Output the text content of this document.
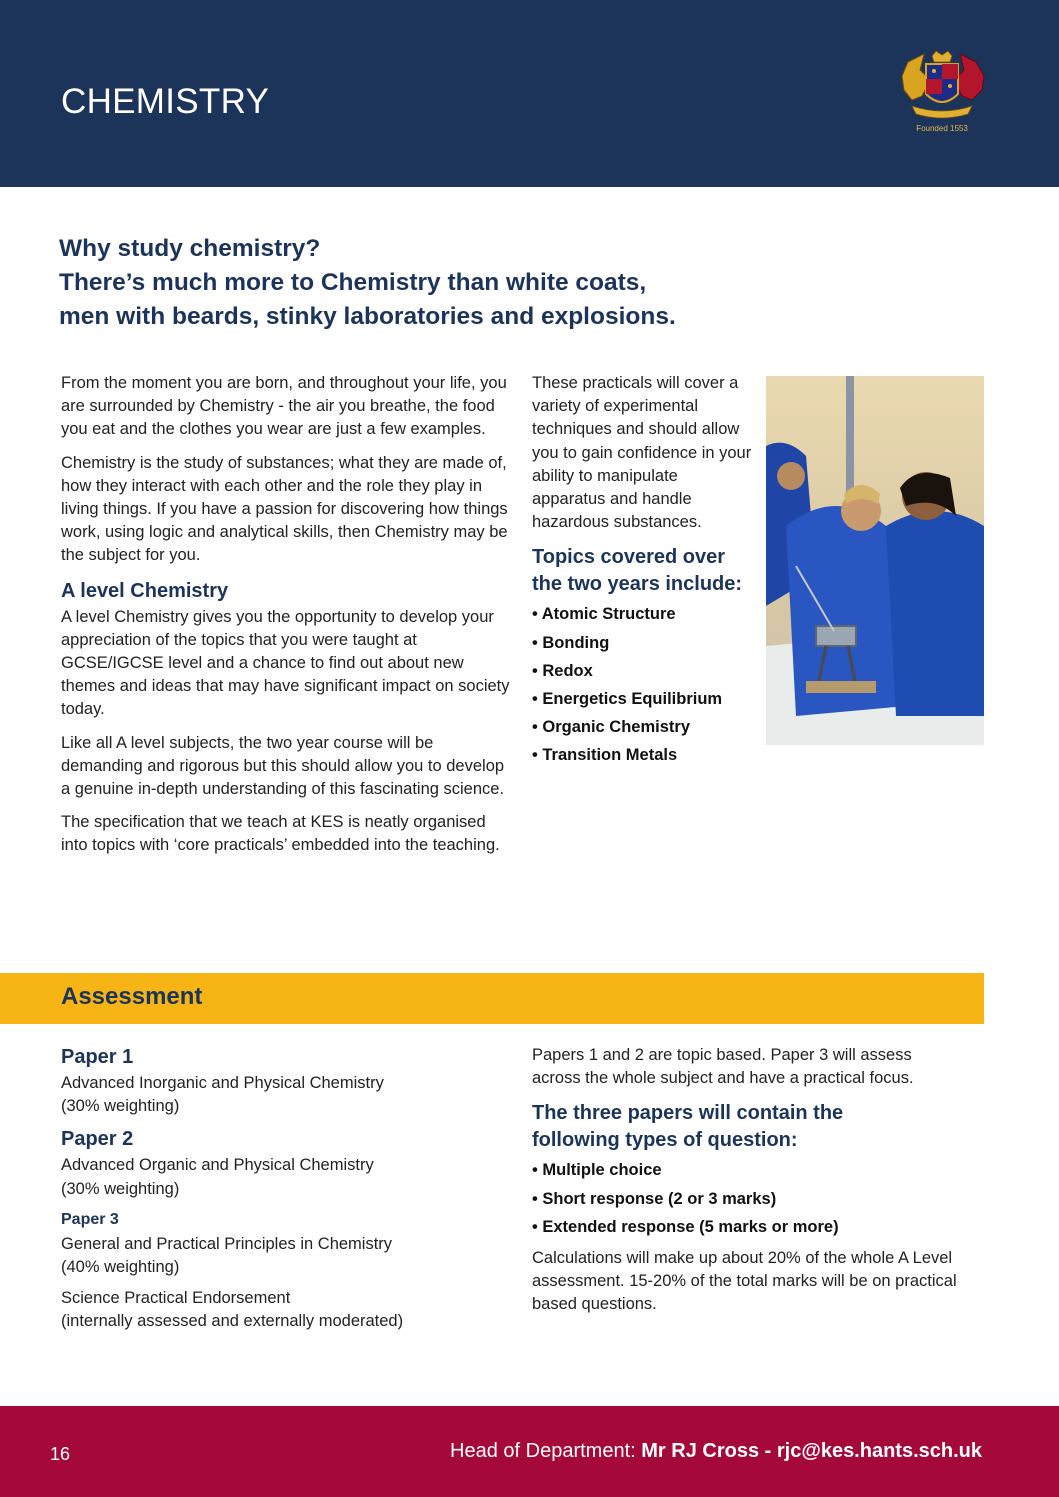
CHEMISTRY
Founded 1553
Why study chemistry?
There’s much more to Chemistry than white coats,
men with beards, stinky laboratories and explosions.

From the moment you are born, and throughout your life, you are surrounded by Chemistry - the air you breathe, the food you eat and the clothes you wear are just a few examples.

Chemistry is the study of substances; what they are made of, how they interact with each other and the role they play in living things. If you have a passion for discovering how things work, using logic and analytical skills, then Chemistry may be the subject for you.

A level Chemistry

A level Chemistry gives you the opportunity to develop your appreciation of the topics that you were taught at GCSE/IGCSE level and a chance to find out about new themes and ideas that may have significant impact on society today.

Like all A level subjects, the two year course will be demanding and rigorous but this should allow you to develop a genuine in-depth understanding of this fascinating science.

The specification that we teach at KES is neatly organised into topics with ‘core practicals’ embedded into the teaching.

These practicals will cover a variety of experimental techniques and should allow you to gain confidence in your ability to manipulate apparatus and handle hazardous substances.

Topics covered over
the two years include:
• Atomic Structure
• Bonding
• Redox
• Energetics Equilibrium
• Organic Chemistry
• Transition Metals
Assessment
Paper 1

Advanced Inorganic and Physical Chemistry
(30% weighting)

Paper 2

Advanced Organic and Physical Chemistry
(30% weighting)

Paper 3

General and Practical Principles in Chemistry
(40% weighting)

Science Practical Endorsement
(internally assessed and externally moderated)

Papers 1 and 2 are topic based. Paper 3 will assess across the whole subject and have a practical focus.

The three papers will contain the
following types of question:
• Multiple choice
• Short response (2 or 3 marks)
• Extended response (5 marks or more)

Calculations will make up about 20% of the whole A Level assessment. 15-20% of the total marks will be on practical based questions.

16	Head of Department: Mr RJ Cross - rjc@kes.hants.sch.uk
